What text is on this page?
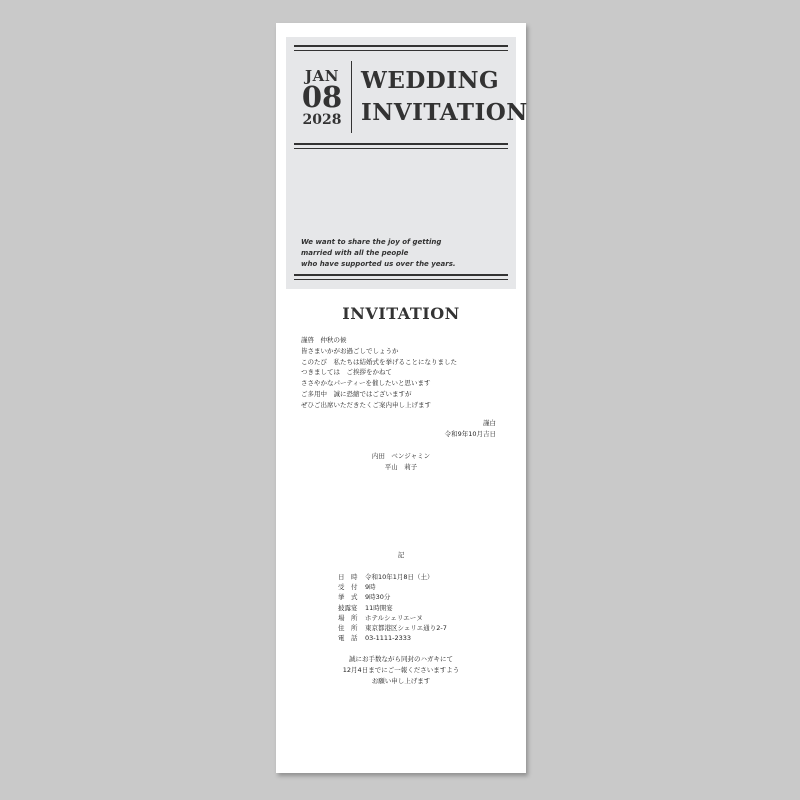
JAN
08
2028
WEDDING
INVITATION
We want to share the joy of getting
married with all the people
who have supported us over the years.
INVITATION
謹啓　仲秋の候
皆さまいかがお過ごしでしょうか
このたび　私たちは結婚式を挙げることになりました
つきましては　ご挨拶をかねて
ささやかなパーティーを催したいと思います
ご多用中　誠に恐縮ではございますが
ぜひご出席いただきたくご案内申し上げます
謹白
令和9年10月吉日
内田　ベンジャミン
平山　莉子
記
日　時	令和10年1月8日（土）
受　付	9時
挙　式	9時30分
披露宴	11時開宴
場　所	ホテルシェリエーヌ
住　所	東京都港区シェリエ通り2-7
電　話	03-1111-2333
誠にお手数ながら同封のハガキにて
12月4日までにご一報くださいますよう
お願い申し上げます
